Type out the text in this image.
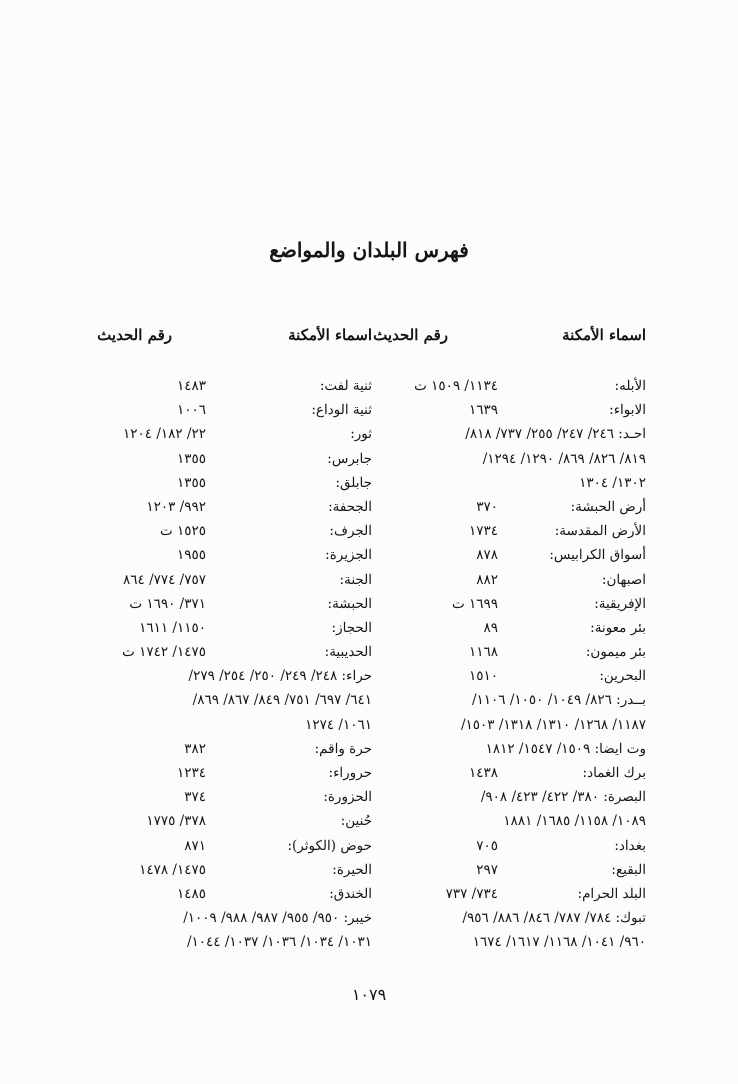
فهرس البلدان والمواضع
اسماء الأمكنة
رقم الحديث
اسماء الأمكنة
رقم الحديث
الأبله:
١١٣٤/ ١٥٠٩ ت
الابواء:
١٦٣٩
احـد: ٢٤٦/ ٢٤٧/ ٢٥٥/ ٧٣٧/ ٨١٨/
٨١٩/ ٨٢٦/ ٨٦٩/ ١٢٩٠/ ١٢٩٤/
١٣٠٢/ ١٣٠٤
أرض الحبشة:
٣٧٠
الأرض المقدسة:
١٧٣٤
أسواق الكرابيس:
٨٧٨
اصبهان:
٨٨٢
الإفريقية:
١٦٩٩ ت
بئر معونة:
٨٩
بئر ميمون:
١١٦٨
البحرين:
١٥١٠
بــدر: ٨٢٦/ ١٠٤٩/ ١٠٥٠/ ١١٠٦/
١١٨٧/ ١٢٦٨/ ١٣١٠/ ١٣١٨/ ١٥٠٣/
وت ايضا: ١٥٠٩/ ١٥٤٧/ ١٨١٢
برك الغماد:
١٤٣٨
البصرة: ٣٨٠/ ٤٢٢/ ٤٢٣/ ٩٠٨/
١٠٨٩/ ١١٥٨/ ١٦٨٥/ ١٨٨١
بغداد:
٧٠٥
البقيع:
٢٩٧
البلد الحرام:
٧٣٤/ ٧٣٧
تبوك: ٧٨٤/ ٧٨٧/ ٨٤٦/ ٨٨٦/ ٩٥٦/
٩٦٠/ ١٠٤١/ ١١٦٨/ ١٦١٧/ ١٦٧٤
ثنية لفت:
١٤٨٣
ثنية الوداع:
١٠٠٦
ثور:
٢٢/ ١٨٢/ ١٢٠٤
جابرس:
١٣٥٥
جابلق:
١٣٥٥
الجحفة:
٩٩٢/ ١٢٠٣
الجرف:
١٥٢٥ ت
الجزيرة:
١٩٥٥
الجنة:
٧٥٧/ ٧٧٤/ ٨٦٤
الحبشة:
٣٧١/ ١٦٩٠ ت
الحجاز:
١١٥٠/ ١٦١١
الحديبية:
١٤٧٥/ ١٧٤٢ ت
حراء: ٢٤٨/ ٢٤٩/ ٢٥٠/ ٢٥٤/ ٢٧٩/
٦٤١/ ٦٩٧/ ٧٥١/ ٨٤٩/ ٨٦٧/ ٨٦٩/
١٠٦١/ ١٢٧٤
حرة واقم:
٣٨٢
حروراء:
١٢٣٤
الحزورة:
٣٧٤
حُنين:
٣٧٨/ ١٧٧٥
حوض (الكوثر):
٨٧١
الحيرة:
١٤٧٥/ ١٤٧٨
الخندق:
١٤٨٥
خيبر: ٩٥٠/ ٩٥٥/ ٩٨٧/ ٩٨٨/ ١٠٠٩/
١٠٣١/ ١٠٣٤/ ١٠٣٦/ ١٠٣٧/ ١٠٤٤/
١٠٧٩
